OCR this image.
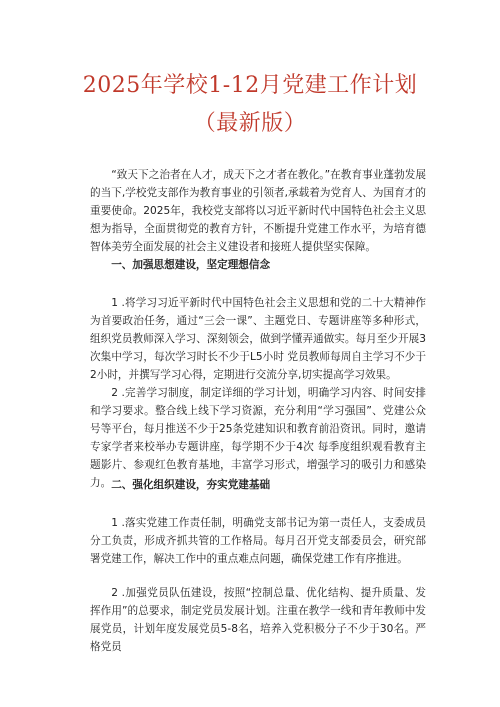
2025年学校1-12月党建工作计划
（最新版）

“致天下之治者在人才，成天下之才者在教化。”在教育事业蓬勃发展的当下,学校党支部作为教育事业的引领者,承载着为党育人、为国育才的重要使命。2025年，我校党支部将以习近平新时代中国特色社会主义思想为指导，全面贯彻党的教育方针，不断提升党建工作水平，为培育德智体美劳全面发展的社会主义建设者和接班人提供坚实保障。

一、加强思想建设，坚定理想信念

1 .将学习习近平新时代中国特色社会主义思想和党的二十大精神作为首要政治任务，通过“三会一课”、主题党日、专题讲座等多种形式，组织党员教师深入学习、深刻领会，做到学懂弄通做实。每月至少开展3次集中学习，每次学习时长不少于L5小时 党员教师每周自主学习不少于2小时，并撰写学习心得，定期进行交流分享,切实提高学习效果。

2 .完善学习制度，制定详细的学习计划，明确学习内容、时间安排和学习要求。整合线上线下学习资源，充分利用“学习强国”、党建公众号等平台，每月推送不少于25条党建知识和教育前沿资讯。同时，邀请专家学者来校举办专题讲座，每学期不少于4次 每季度组织观看教育主题影片、参观红色教育基地，丰富学习形式，增强学习的吸引力和感染力。 二、强化组织建设，夯实党建基础

1 .落实党建工作责任制，明确党支部书记为第一责任人，支委成员分工负责，形成齐抓共管的工作格局。每月召开党支部委员会，研究部署党建工作，解决工作中的重点难点问题，确保党建工作有序推进。

2 .加强党员队伍建设，按照“控制总量、优化结构、提升质量、发挥作用”的总要求，制定党员发展计划。注重在教学一线和青年教师中发展党员，计划年度发展党员5-8名，培养入党积极分子不少于30名。严格党员
